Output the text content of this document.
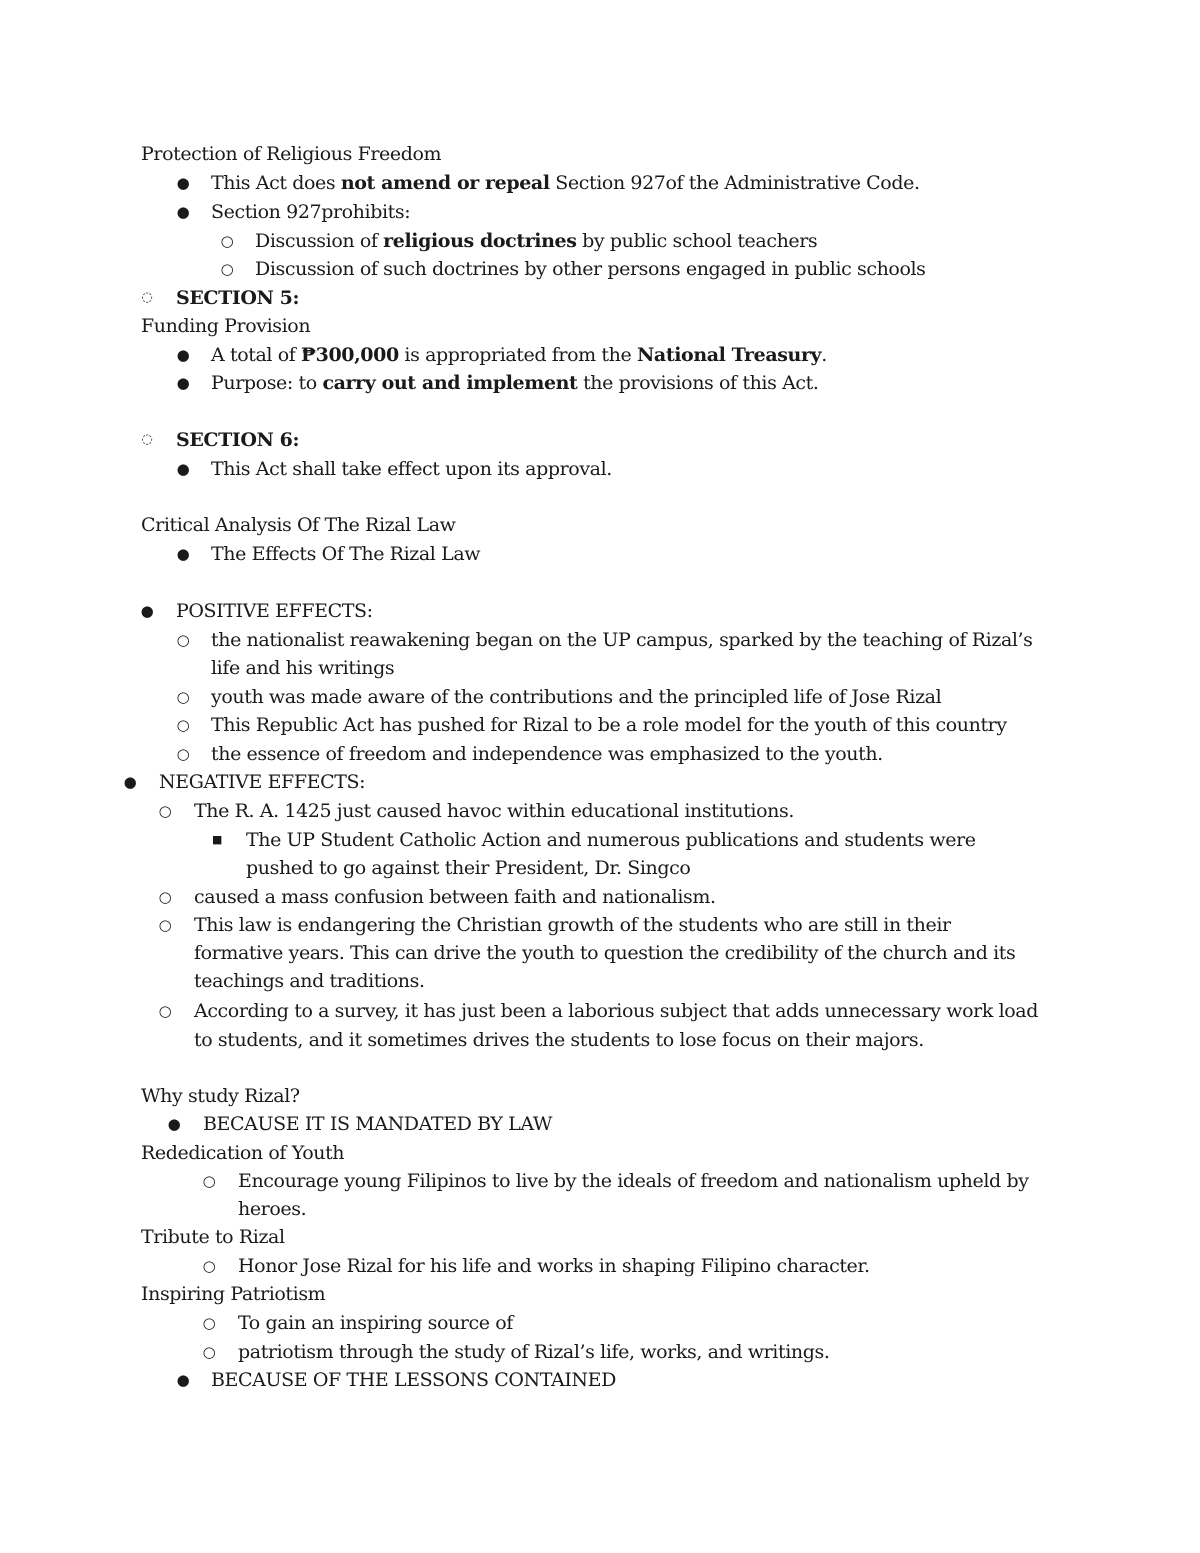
Protection of Religious Freedom
●	This Act does not amend or repeal Section 927of the Administrative Code.
●	Section 927prohibits:
○	Discussion of religious doctrines by public school teachers
○	Discussion of such doctrines by other persons engaged in public schools
◌	SECTION 5:
Funding Provision
●	A total of ₱300,000 is appropriated from the National Treasury.
●	Purpose: to carry out and implement the provisions of this Act.
◌	SECTION 6:
●	This Act shall take effect upon its approval.
Critical Analysis Of The Rizal Law
●	The Effects Of The Rizal Law
●	POSITIVE EFFECTS:
○	the nationalist reawakening began on the UP campus, sparked by the teaching of Rizal’s
life and his writings
○	youth was made aware of the contributions and the principled life of Jose Rizal
○	This Republic Act has pushed for Rizal to be a role model for the youth of this country
○	the essence of freedom and independence was emphasized to the youth.
●	NEGATIVE EFFECTS:
○	The R. A. 1425 just caused havoc within educational institutions.
■	The UP Student Catholic Action and numerous publications and students were
pushed to go against their President, Dr. Singco
○	caused a mass confusion between faith and nationalism.
○	This law is endangering the Christian growth of the students who are still in their
formative years. This can drive the youth to question the credibility of the church and its
teachings and traditions.
○	According to a survey, it has just been a laborious subject that adds unnecessary work load
to students, and it sometimes drives the students to lose focus on their majors.
Why study Rizal?
●	BECAUSE IT IS MANDATED BY LAW
Rededication of Youth
○	Encourage young Filipinos to live by the ideals of freedom and nationalism upheld by
heroes.
Tribute to Rizal
○	Honor Jose Rizal for his life and works in shaping Filipino character.
Inspiring Patriotism
○	To gain an inspiring source of
○	patriotism through the study of Rizal’s life, works, and writings.
●	BECAUSE OF THE LESSONS CONTAINED
